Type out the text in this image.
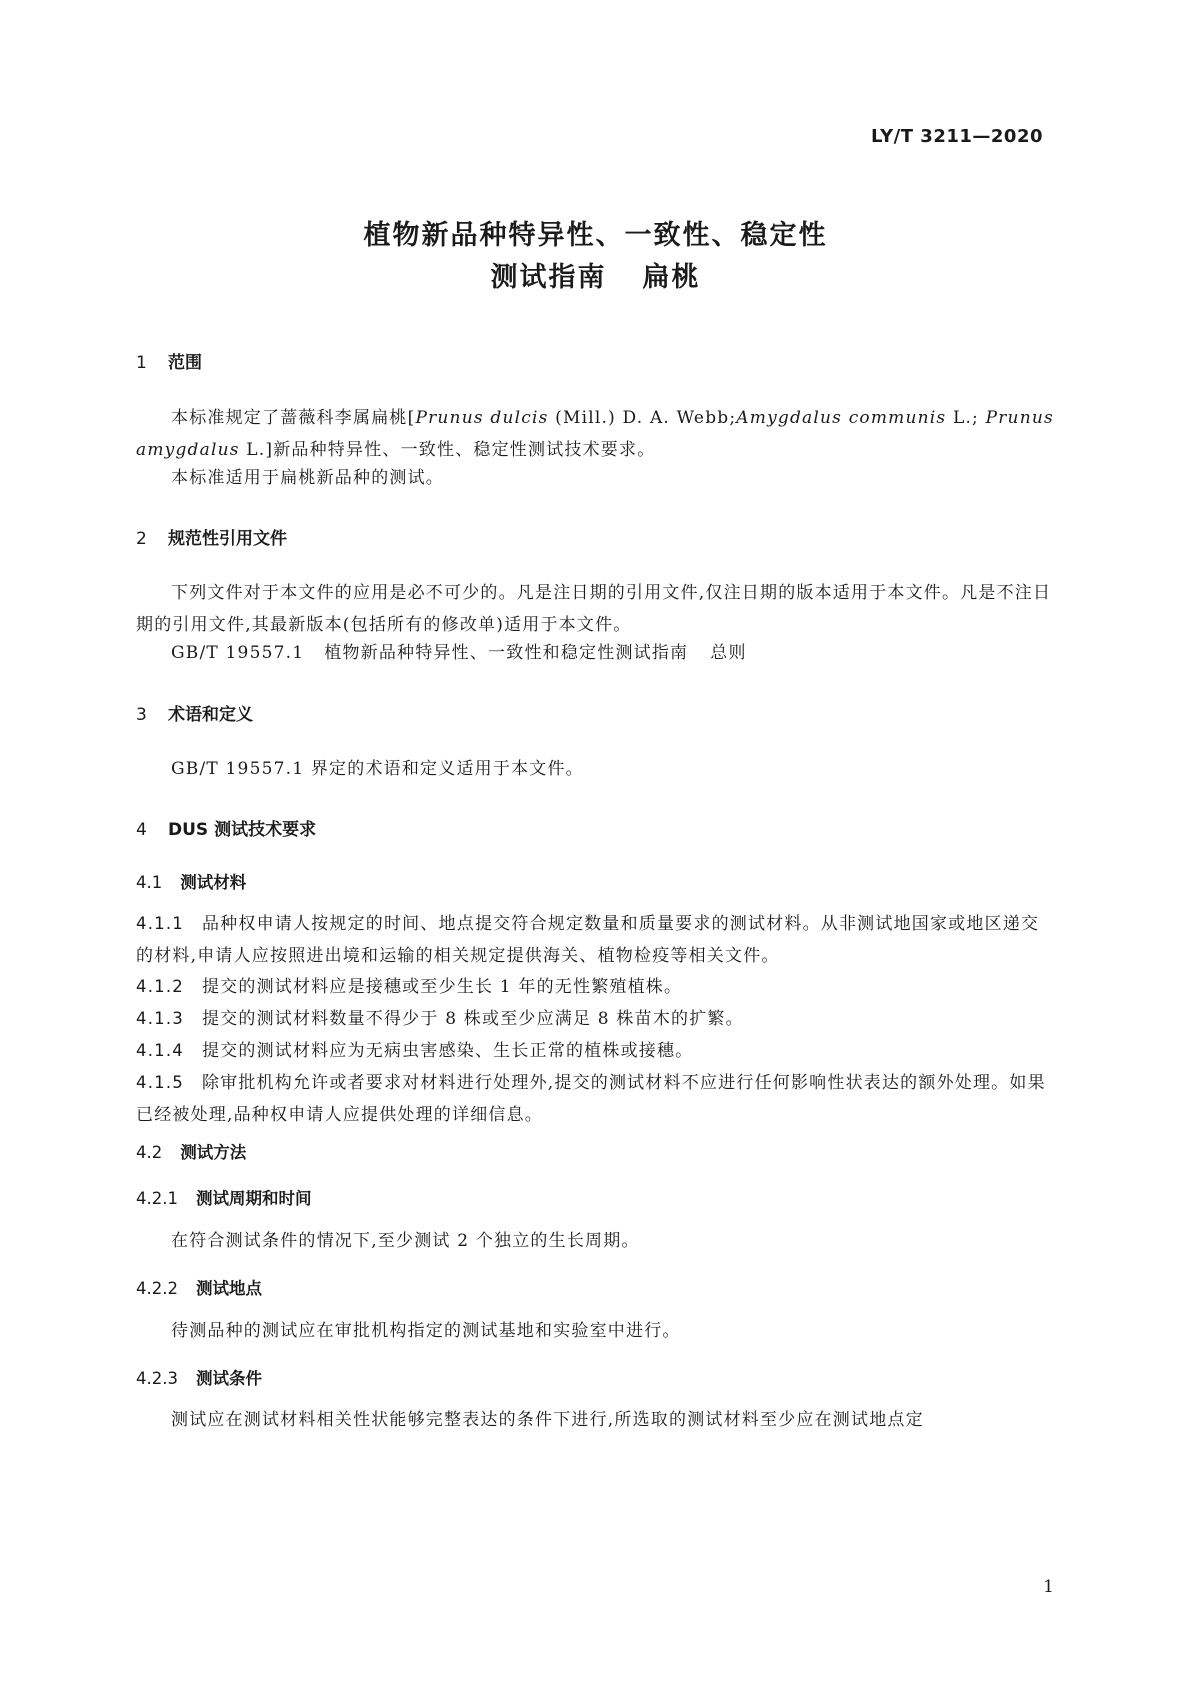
LY/T 3211—2020
植物新品种特异性、一致性、稳定性
测试指南 扁桃
1 范围
本标准规定了蔷薇科李属扁桃[Prunus dulcis (Mill.) D. A. Webb;Amygdalus communis L.; Prunus amygdalus L.]新品种特异性、一致性、稳定性测试技术要求。
本标准适用于扁桃新品种的测试。
2 规范性引用文件
下列文件对于本文件的应用是必不可少的。凡是注日期的引用文件,仅注日期的版本适用于本文件。凡是不注日期的引用文件,其最新版本(包括所有的修改单)适用于本文件。
GB/T 19557.1 植物新品种特异性、一致性和稳定性测试指南 总则
3 术语和定义
GB/T 19557.1 界定的术语和定义适用于本文件。
4 DUS 测试技术要求
4.1 测试材料
4.1.1 品种权申请人按规定的时间、地点提交符合规定数量和质量要求的测试材料。从非测试地国家或地区递交的材料,申请人应按照进出境和运输的相关规定提供海关、植物检疫等相关文件。
4.1.2 提交的测试材料应是接穗或至少生长 1 年的无性繁殖植株。
4.1.3 提交的测试材料数量不得少于 8 株或至少应满足 8 株苗木的扩繁。
4.1.4 提交的测试材料应为无病虫害感染、生长正常的植株或接穗。
4.1.5 除审批机构允许或者要求对材料进行处理外,提交的测试材料不应进行任何影响性状表达的额外处理。如果已经被处理,品种权申请人应提供处理的详细信息。
4.2 测试方法
4.2.1 测试周期和时间
在符合测试条件的情况下,至少测试 2 个独立的生长周期。
4.2.2 测试地点
待测品种的测试应在审批机构指定的测试基地和实验室中进行。
4.2.3 测试条件
测试应在测试材料相关性状能够完整表达的条件下进行,所选取的测试材料至少应在测试地点定
1
